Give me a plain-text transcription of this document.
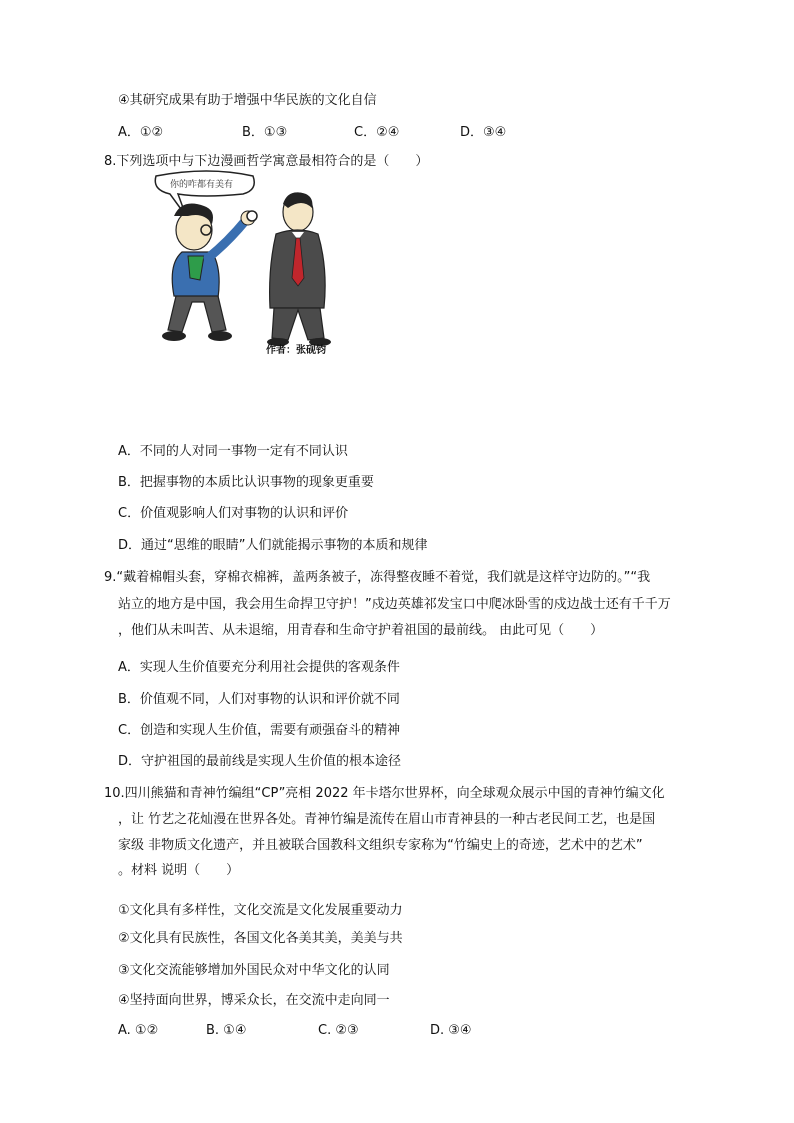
④其研究成果有助于增强中华民族的文化自信
A．①②	B．①③	C．②④	D．③④
8.下列选项中与下边漫画哲学寓意最相符合的是（　　）
你的咋都有美有
作者：张砚钧
A．不同的人对同一事物一定有不同认识
B．把握事物的本质比认识事物的现象更重要
C．价值观影响人们对事物的认识和评价
D．通过“思维的眼睛”人们就能揭示事物的本质和规律
9.“戴着棉帽头套，穿棉衣棉裤，盖两条被子，冻得整夜睡不着觉，我们就是这样守边防的。”“我
站立的地方是中国，我会用生命捍卫守护！”戍边英雄祁发宝口中爬冰卧雪的戍边战士还有千千万
，他们从未叫苦、从未退缩，用青春和生命守护着祖国的最前线。 由此可见（　　）
A．实现人生价值要充分利用社会提供的客观条件
B．价值观不同，人们对事物的认识和评价就不同
C．创造和实现人生价值，需要有顽强奋斗的精神
D．守护祖国的最前线是实现人生价值的根本途径
10.四川熊猫和青神竹编组“CP”亮相 2022 年卡塔尔世界杯，向全球观众展示中国的青神竹编文化
，让 竹艺之花灿漫在世界各处。青神竹编是流传在眉山市青神县的一种古老民间工艺，也是国
家级 非物质文化遗产，并且被联合国教科文组织专家称为“竹编史上的奇迹，艺术中的艺术”
。材料 说明（　　）
①文化具有多样性，文化交流是文化发展重要动力
②文化具有民族性，各国文化各美其美，美美与共
③文化交流能够增加外国民众对中华文化的认同
④坚持面向世界，博采众长，在交流中走向同一
A. ①②	B. ①④	C. ②③	D. ③④
